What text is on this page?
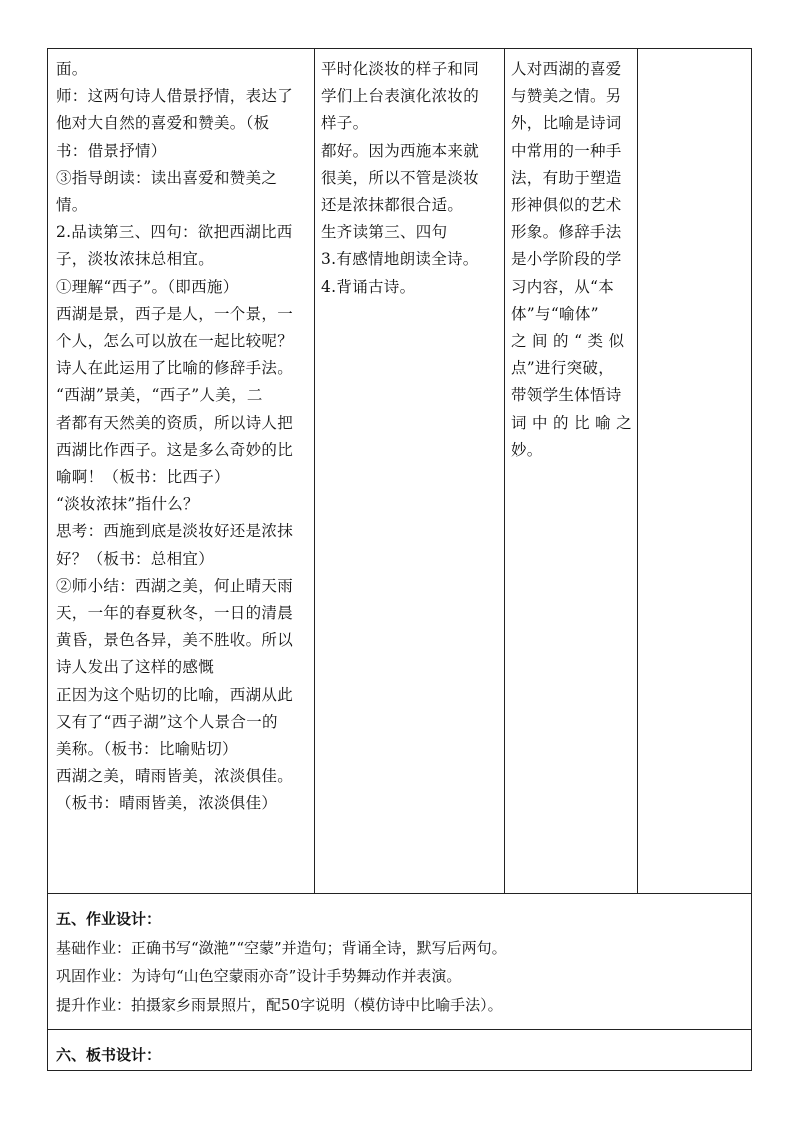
面。

师：这两句诗人借景抒情，表达了

他对大自然的喜爱和赞美。（板

书：借景抒情）

③指导朗读：读出喜爱和赞美之

情。

2.品读第三、四句：欲把西湖比西

子，淡妆浓抹总相宜。

①理解“西子”。（即西施）

西湖是景，西子是人，一个景，一

个人，怎么可以放在一起比较呢？

诗人在此运用了比喻的修辞手法。

“西湖”景美，“西子”人美，二

者都有天然美的资质，所以诗人把

西湖比作西子。这是多么奇妙的比

喻啊！（板书：比西子）

“淡妆浓抹”指什么？

思考：西施到底是淡妆好还是浓抹

好？（板书：总相宜）

②师小结：西湖之美，何止晴天雨

天，一年的春夏秋冬，一日的清晨

黄昏，景色各异，美不胜收。所以

诗人发出了这样的感慨

正因为这个贴切的比喻，西湖从此

又有了“西子湖”这个人景合一的

美称。（板书：比喻贴切）

西湖之美，晴雨皆美，浓淡俱佳。

（板书：晴雨皆美，浓淡俱佳）

平时化淡妆的样子和同

学们上台表演化浓妆的

样子。

都好。因为西施本来就

很美，所以不管是淡妆

还是浓抹都很合适。

生齐读第三、四句

3.有感情地朗读全诗。

4.背诵古诗。

人对西湖的喜爱

与赞美之情。另

外，比喻是诗词

中常用的一种手

法，有助于塑造

形神俱似的艺术

形象。修辞手法

是小学阶段的学

习内容，从“本

体”与“喻体”

之 间 的 “ 类 似

点”进行突破，

带领学生体悟诗

词 中 的 比 喻 之

妙。

五、作业设计：

基础作业：正确书写“潋滟”“空蒙”并造句；背诵全诗，默写后两句。

巩固作业：为诗句“山色空蒙雨亦奇”设计手势舞动作并表演。

提升作业：拍摄家乡雨景照片，配50字说明（模仿诗中比喻手法）。

六、板书设计：
